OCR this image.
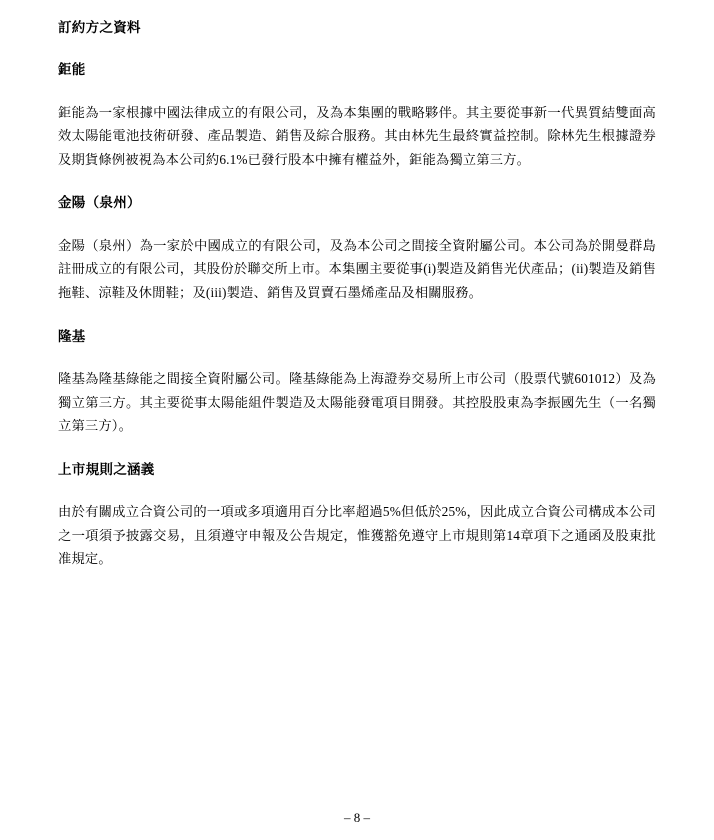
訂約方之資料
鉅能

鉅能為一家根據中國法律成立的有限公司，及為本集團的戰略夥伴。其主要從事新一代異質結雙面高效太陽能電池技術研發、產品製造、銷售及綜合服務。其由林先生最終實益控制。除林先生根據證券及期貨條例被視為本公司約6.1%已發行股本中擁有權益外，鉅能為獨立第三方。

金陽（泉州）

金陽（泉州）為一家於中國成立的有限公司，及為本公司之間接全資附屬公司。本公司為於開曼群島註冊成立的有限公司，其股份於聯交所上市。本集團主要從事(i)製造及銷售光伏產品；(ii)製造及銷售拖鞋、涼鞋及休閒鞋；及(iii)製造、銷售及買賣石墨烯產品及相關服務。

隆基

隆基為隆基綠能之間接全資附屬公司。隆基綠能為上海證券交易所上市公司（股票代號601012）及為獨立第三方。其主要從事太陽能組件製造及太陽能發電項目開發。其控股股東為李振國先生（一名獨立第三方）。

上市規則之涵義

由於有關成立合資公司的一項或多項適用百分比率超過5%但低於25%，因此成立合資公司構成本公司之一項須予披露交易，且須遵守申報及公告規定，惟獲豁免遵守上市規則第14章項下之通函及股東批准規定。

– 8 –
